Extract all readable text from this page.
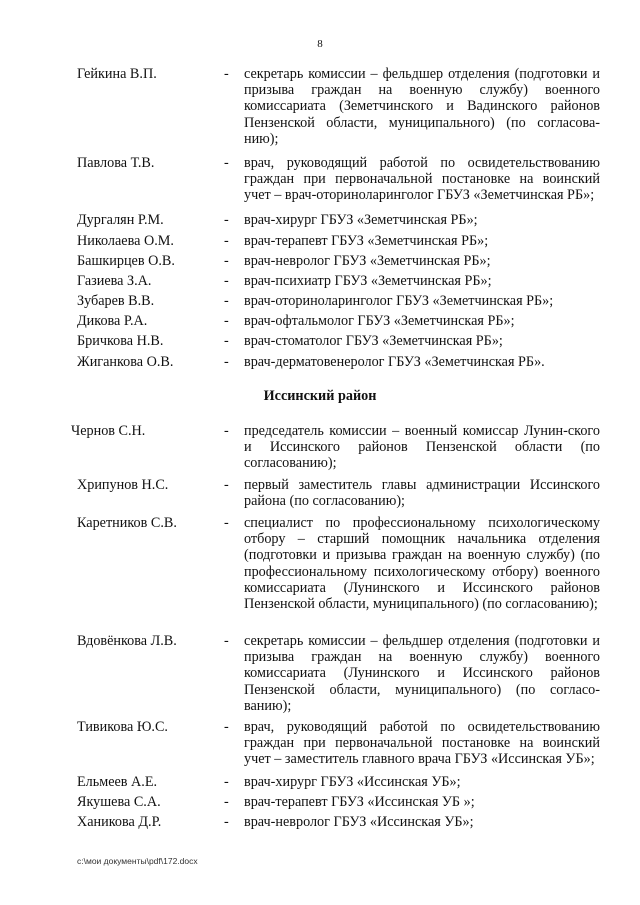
8
Гейкина В.П.	- секретарь комиссии – фельдшер отделения (подготовки и призыва граждан на военную службу) военного комиссариата (Земетчинского и Вадинского районов Пензенской области, муниципального) (по согласова-нию);
Павлова Т.В.	- врач, руководящий работой по освидетельствованию граждан при первоначальной постановке на воинский учет – врач-оториноларинголог ГБУЗ «Земетчинская РБ»;
Дургалян Р.М.	- врач-хирург ГБУЗ «Земетчинская РБ»;
Николаева О.М.	- врач-терапевт ГБУЗ «Земетчинская РБ»;
Башкирцев О.В.	- врач-невролог ГБУЗ «Земетчинская РБ»;
Газиева З.А.	- врач-психиатр ГБУЗ «Земетчинская РБ»;
Зубарев В.В.	- врач-оториноларинголог ГБУЗ «Земетчинская РБ»;
Дикова Р.А.	- врач-офтальмолог ГБУЗ «Земетчинская РБ»;
Бричкова Н.В.	- врач-стоматолог ГБУЗ «Земетчинская РБ»;
Жиганкова О.В.	- врач-дерматовенеролог ГБУЗ «Земетчинская РБ».
Иссинский район
Чернов С.Н.	- председатель комиссии – военный комиссар Лунин-ского и Иссинского районов Пензенской области (по согласованию);
Хрипунов Н.С.	- первый заместитель главы администрации Иссинского района (по согласованию);
Каретников С.В.	- специалист по профессиональному психологическому отбору – старший помощник начальника отделения (подготовки и призыва граждан на военную службу) (по профессиональному психологическому отбору) военного комиссариата (Лунинского и Иссинского районов Пензенской области, муниципального) (по согласованию);
Вдовёнкова Л.В.	- секретарь комиссии – фельдшер отделения (подготовки и призыва граждан на военную службу) военного комиссариата (Лунинского и Иссинского районов Пензенской области, муниципального) (по согласо-ванию);
Тивикова Ю.С.	- врач, руководящий работой по освидетельствованию граждан при первоначальной постановке на воинский учет – заместитель главного врача ГБУЗ «Иссинская УБ»;
Ельмеев А.Е.	- врач-хирург ГБУЗ «Иссинская УБ»;
Якушева С.А.	- врач-терапевт ГБУЗ «Иссинская УБ »;
Ханикова Д.Р.	- врач-невролог ГБУЗ «Иссинская УБ»;
c:\мои документы\pdf\172.docx
